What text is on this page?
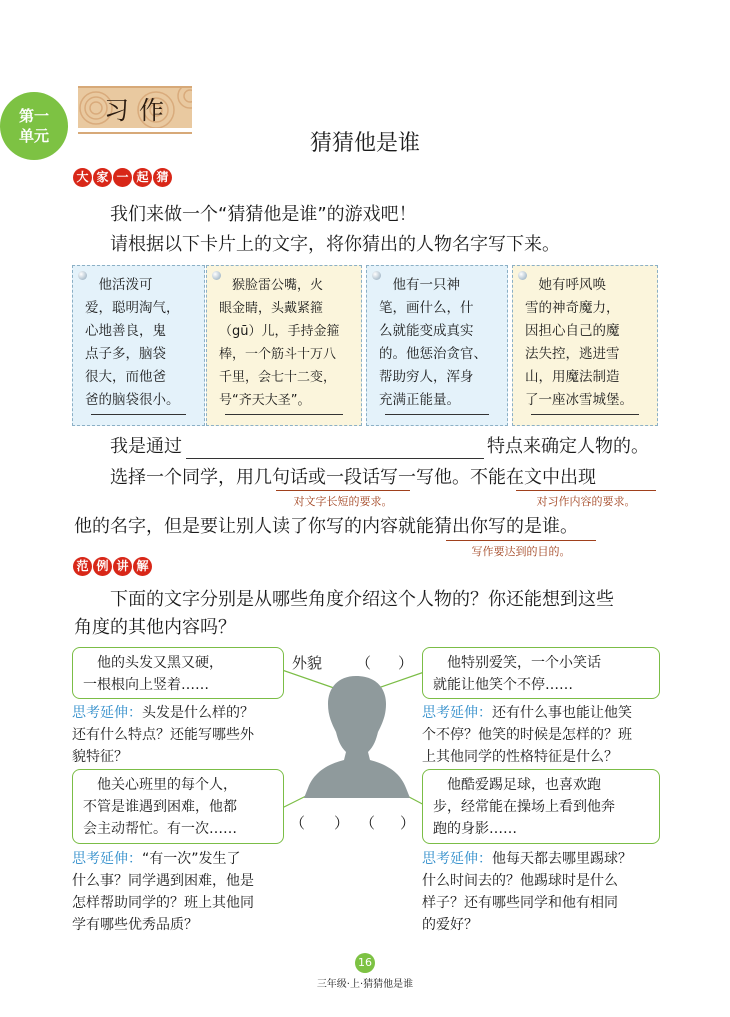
第一
单元
习作
猜猜他是谁
大 家 一 起 猜
我们来做一个“猜猜他是谁”的游戏吧！
请根据以下卡片上的文字，将你猜出的人物名字写下来。
　他活泼可
爱，聪明淘气，
心地善良，鬼
点子多，脑袋
很大，而他爸
爸的脑袋很小。
　猴脸雷公嘴，火
眼金睛，头戴紧箍
（gū）儿，手持金箍
棒，一个筋斗十万八
千里，会七十二变，
号“齐天大圣”。
　他有一只神
笔，画什么，什
么就能变成真实
的。他惩治贪官、
帮助穷人，浑身
充满正能量。
　她有呼风唤
雪的神奇魔力，
因担心自己的魔
法失控，逃进雪
山，用魔法制造
了一座冰雪城堡。
我是通过	特点来确定人物的。
选择一个同学，用几句话或一段话写一写他。不能在文中出现
对文字长短的要求。	对习作内容的要求。
他的名字，但是要让别人读了你写的内容就能猜出你写的是谁。
写作要达到的目的。
范 例 讲 解
下面的文字分别是从哪些角度介绍这个人物的？你还能想到这些
角度的其他内容吗？
外貌 （ ）
（ ） （ ）
　他的头发又黑又硬，
一根根向上竖着……
　他特别爱笑，一个小笑话
就能让他笑个不停……
　他关心班里的每个人，
不管是谁遇到困难，他都
会主动帮忙。有一次……
　他酷爱踢足球，也喜欢跑
步，经常能在操场上看到他奔
跑的身影……
思考延伸：头发是什么样的？
还有什么特点？还能写哪些外
貌特征？
思考延伸：还有什么事也能让他笑
个不停？他笑的时候是怎样的？班
上其他同学的性格特征是什么？
思考延伸：“有一次”发生了
什么事？同学遇到困难，他是
怎样帮助同学的？班上其他同
学有哪些优秀品质？
思考延伸：他每天都去哪里踢球？
什么时间去的？他踢球时是什么
样子？还有哪些同学和他有相同
的爱好？
16
三年级·上·猜猜他是谁
